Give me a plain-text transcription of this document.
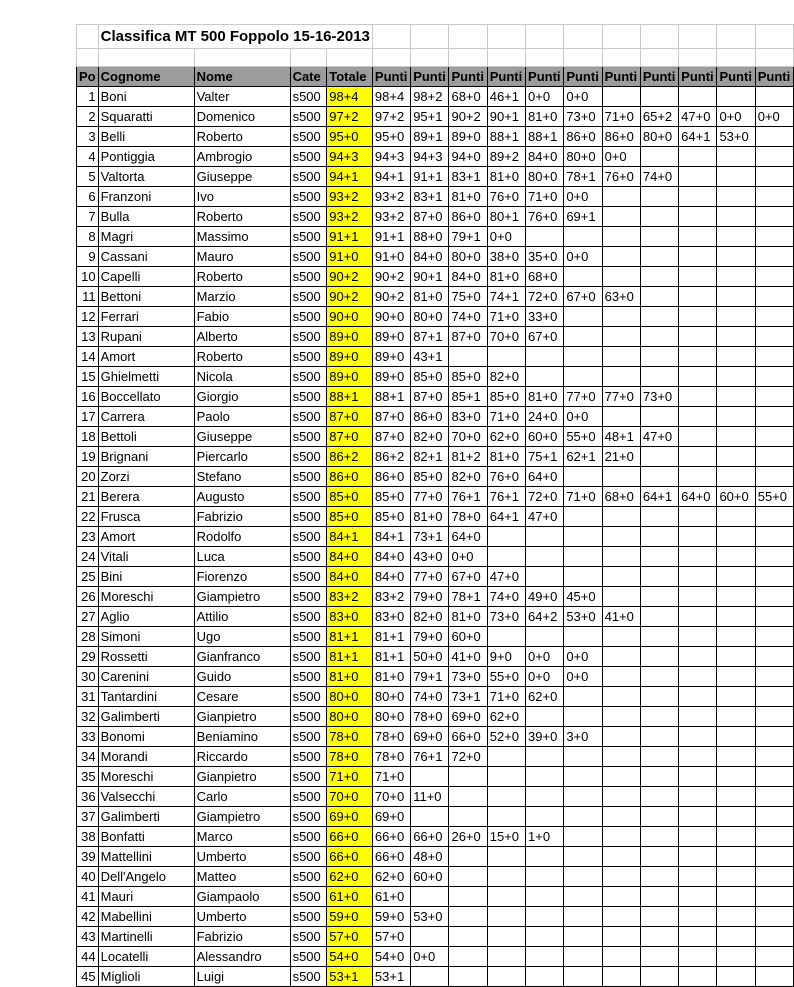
	Classifica MT 500 Foppolo 15-16-2013														

Po	Cognome	Nome	Cate	Totale	Punti	Punti	Punti	Punti	Punti	Punti	Punti	Punti	Punti	Punti	Punti
1	Boni	Valter	s500	98+4	98+4	98+2	68+0	46+1	0+0	0+0					
2	Squaratti	Domenico	s500	97+2	97+2	95+1	90+2	90+1	81+0	73+0	71+0	65+2	47+0	0+0	0+0
3	Belli	Roberto	s500	95+0	95+0	89+1	89+0	88+1	88+1	86+0	86+0	80+0	64+1	53+0	
4	Pontiggia	Ambrogio	s500	94+3	94+3	94+3	94+0	89+2	84+0	80+0	0+0				
5	Valtorta	Giuseppe	s500	94+1	94+1	91+1	83+1	81+0	80+0	78+1	76+0	74+0			
6	Franzoni	Ivo	s500	93+2	93+2	83+1	81+0	76+0	71+0	0+0					
7	Bulla	Roberto	s500	93+2	93+2	87+0	86+0	80+1	76+0	69+1					
8	Magri	Massimo	s500	91+1	91+1	88+0	79+1	0+0							
9	Cassani	Mauro	s500	91+0	91+0	84+0	80+0	38+0	35+0	0+0					
10	Capelli	Roberto	s500	90+2	90+2	90+1	84+0	81+0	68+0						
11	Bettoni	Marzio	s500	90+2	90+2	81+0	75+0	74+1	72+0	67+0	63+0				
12	Ferrari	Fabio	s500	90+0	90+0	80+0	74+0	71+0	33+0						
13	Rupani	Alberto	s500	89+0	89+0	87+1	87+0	70+0	67+0						
14	Amort	Roberto	s500	89+0	89+0	43+1									
15	Ghielmetti	Nicola	s500	89+0	89+0	85+0	85+0	82+0							
16	Boccellato	Giorgio	s500	88+1	88+1	87+0	85+1	85+0	81+0	77+0	77+0	73+0			
17	Carrera	Paolo	s500	87+0	87+0	86+0	83+0	71+0	24+0	0+0					
18	Bettoli	Giuseppe	s500	87+0	87+0	82+0	70+0	62+0	60+0	55+0	48+1	47+0			
19	Brignani	Piercarlo	s500	86+2	86+2	82+1	81+2	81+0	75+1	62+1	21+0				
20	Zorzi	Stefano	s500	86+0	86+0	85+0	82+0	76+0	64+0						
21	Berera	Augusto	s500	85+0	85+0	77+0	76+1	76+1	72+0	71+0	68+0	64+1	64+0	60+0	55+0
22	Frusca	Fabrizio	s500	85+0	85+0	81+0	78+0	64+1	47+0						
23	Amort	Rodolfo	s500	84+1	84+1	73+1	64+0								
24	Vitali	Luca	s500	84+0	84+0	43+0	0+0								
25	Bini	Fiorenzo	s500	84+0	84+0	77+0	67+0	47+0							
26	Moreschi	Giampietro	s500	83+2	83+2	79+0	78+1	74+0	49+0	45+0					
27	Aglio	Attilio	s500	83+0	83+0	82+0	81+0	73+0	64+2	53+0	41+0				
28	Simoni	Ugo	s500	81+1	81+1	79+0	60+0								
29	Rossetti	Gianfranco	s500	81+1	81+1	50+0	41+0	9+0	0+0	0+0					
30	Carenini	Guido	s500	81+0	81+0	79+1	73+0	55+0	0+0	0+0					
31	Tantardini	Cesare	s500	80+0	80+0	74+0	73+1	71+0	62+0						
32	Galimberti	Gianpietro	s500	80+0	80+0	78+0	69+0	62+0							
33	Bonomi	Beniamino	s500	78+0	78+0	69+0	66+0	52+0	39+0	3+0					
34	Morandi	Riccardo	s500	78+0	78+0	76+1	72+0								
35	Moreschi	Gianpietro	s500	71+0	71+0										
36	Valsecchi	Carlo	s500	70+0	70+0	11+0									
37	Galimberti	Giampietro	s500	69+0	69+0										
38	Bonfatti	Marco	s500	66+0	66+0	66+0	26+0	15+0	1+0						
39	Mattellini	Umberto	s500	66+0	66+0	48+0									
40	Dell'Angelo	Matteo	s500	62+0	62+0	60+0									
41	Mauri	Giampaolo	s500	61+0	61+0										
42	Mabellini	Umberto	s500	59+0	59+0	53+0									
43	Martinelli	Fabrizio	s500	57+0	57+0										
44	Locatelli	Alessandro	s500	54+0	54+0	0+0									
45	Miglioli	Luigi	s500	53+1	53+1										
